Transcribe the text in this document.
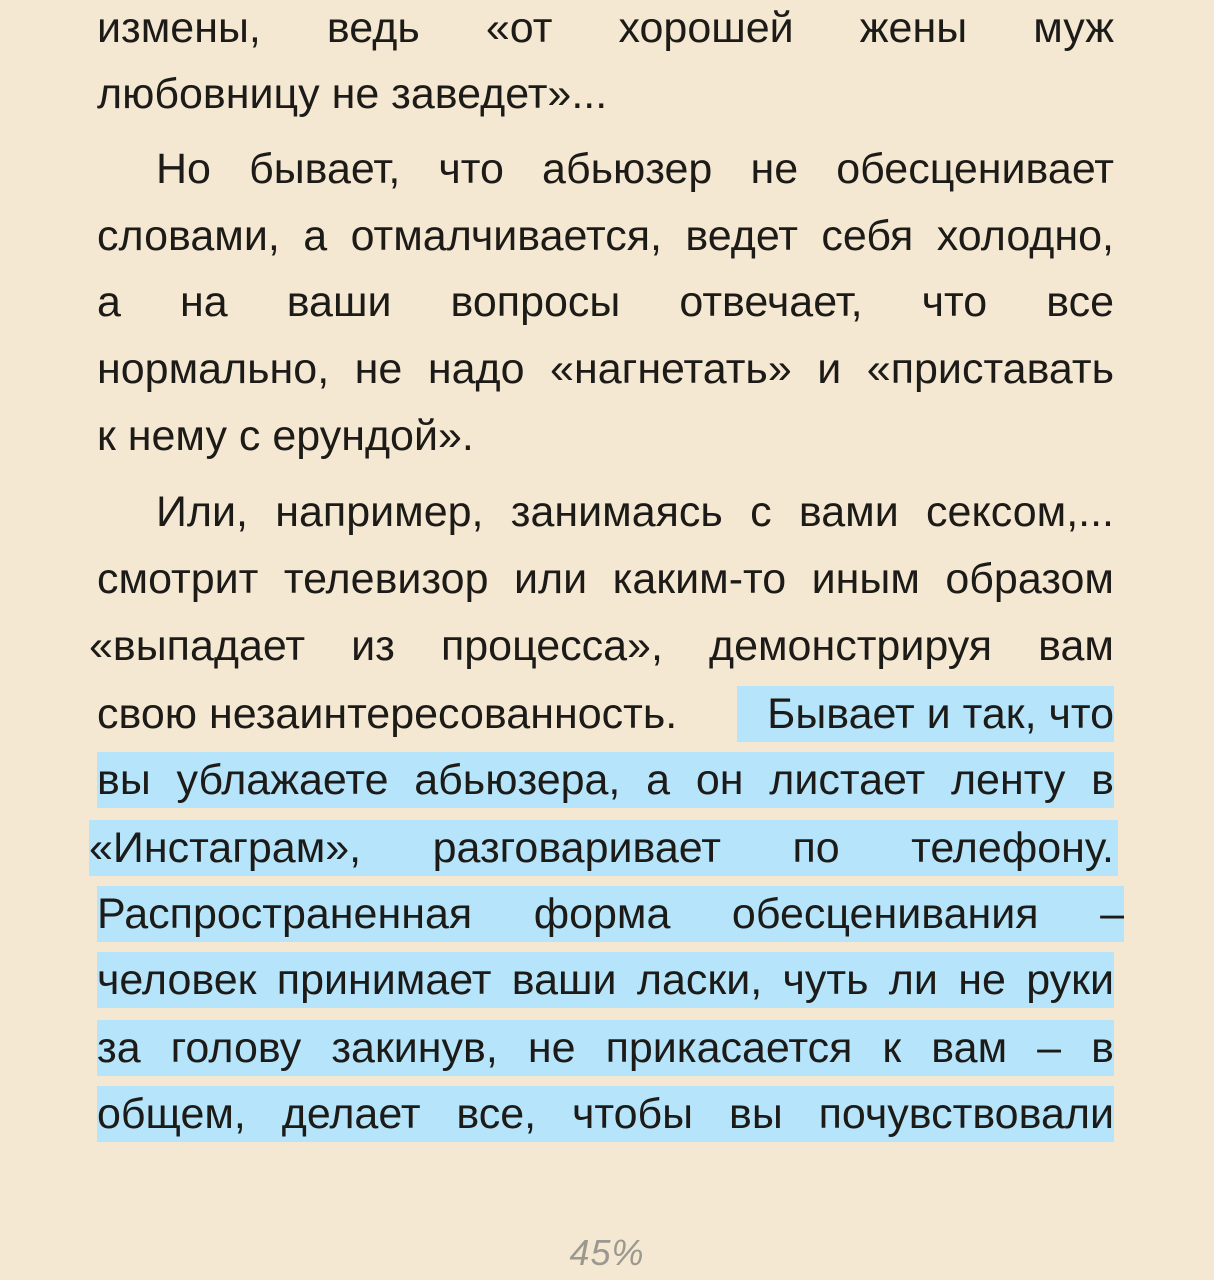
измены, ведь «от хорошей жены муж
любовницу не заведет»...
Но бывает, что абьюзер не обесценивает
словами, а отмалчивается, ведет себя холодно,
а на ваши вопросы отвечает, что все
нормально, не надо «нагнетать» и «приставать
к нему с ерундой».
Или, например, занимаясь с вами сексом,...
смотрит телевизор или каким-то иным образом
«выпадает из процесса», демонстрируя вам
свою незаинтересованность. Бывает и так, что
вы ублажаете абьюзера, а он листает ленту в
«Инстаграм», разговаривает по телефону.
Распространенная форма обесценивания –
человек принимает ваши ласки, чуть ли не руки
за голову закинув, не прикасается к вам – в
общем, делает все, чтобы вы почувствовали
45%
